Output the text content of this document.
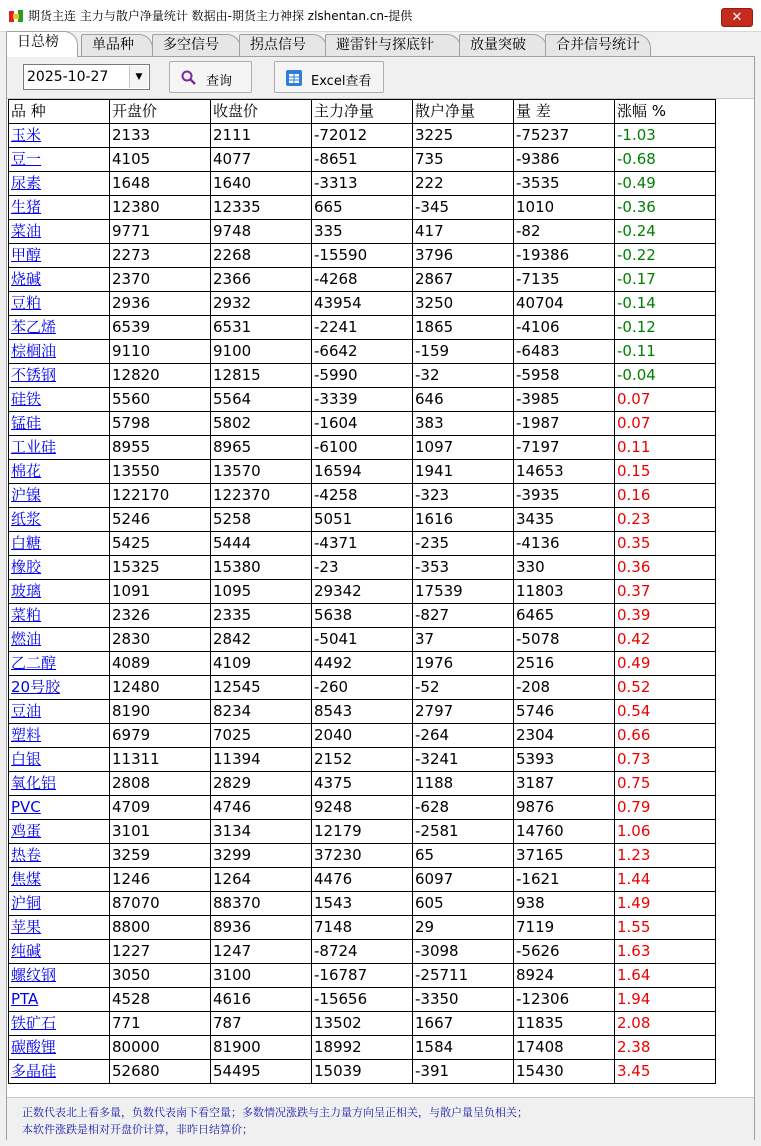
期货主连 主力与散户净量统计 数据由-期货主力神探 zlshentan.cn-提供	✕
日总榜	单品种	多空信号	拐点信号	避雷针与探底针	放量突破	合并信号统计
2025-10-27	▼	查询	Excel查看
品 种	开盘价	收盘价	主力净量	散户净量	量 差	涨幅 %
玉米	2133	2111	-72012	3225	-75237	-1.03
豆一	4105	4077	-8651	735	-9386	-0.68
尿素	1648	1640	-3313	222	-3535	-0.49
生猪	12380	12335	665	-345	1010	-0.36
菜油	9771	9748	335	417	-82	-0.24
甲醇	2273	2268	-15590	3796	-19386	-0.22
烧碱	2370	2366	-4268	2867	-7135	-0.17
豆粕	2936	2932	43954	3250	40704	-0.14
苯乙烯	6539	6531	-2241	1865	-4106	-0.12
棕榈油	9110	9100	-6642	-159	-6483	-0.11
不锈钢	12820	12815	-5990	-32	-5958	-0.04
硅铁	5560	5564	-3339	646	-3985	0.07
锰硅	5798	5802	-1604	383	-1987	0.07
工业硅	8955	8965	-6100	1097	-7197	0.11
棉花	13550	13570	16594	1941	14653	0.15
沪镍	122170	122370	-4258	-323	-3935	0.16
纸浆	5246	5258	5051	1616	3435	0.23
白糖	5425	5444	-4371	-235	-4136	0.35
橡胶	15325	15380	-23	-353	330	0.36
玻璃	1091	1095	29342	17539	11803	0.37
菜粕	2326	2335	5638	-827	6465	0.39
燃油	2830	2842	-5041	37	-5078	0.42
乙二醇	4089	4109	4492	1976	2516	0.49
20号胶	12480	12545	-260	-52	-208	0.52
豆油	8190	8234	8543	2797	5746	0.54
塑料	6979	7025	2040	-264	2304	0.66
白银	11311	11394	2152	-3241	5393	0.73
氧化铝	2808	2829	4375	1188	3187	0.75
PVC	4709	4746	9248	-628	9876	0.79
鸡蛋	3101	3134	12179	-2581	14760	1.06
热卷	3259	3299	37230	65	37165	1.23
焦煤	1246	1264	4476	6097	-1621	1.44
沪铜	87070	88370	1543	605	938	1.49
苹果	8800	8936	7148	29	7119	1.55
纯碱	1227	1247	-8724	-3098	-5626	1.63
螺纹钢	3050	3100	-16787	-25711	8924	1.64
PTA	4528	4616	-15656	-3350	-12306	1.94
铁矿石	771	787	13502	1667	11835	2.08
碳酸锂	80000	81900	18992	1584	17408	2.38
多晶硅	52680	54495	15039	-391	15430	3.45
正数代表北上看多量，负数代表南下看空量；多数情况涨跌与主力量方向呈正相关，与散户量呈负相关；
本软件涨跌是相对开盘价计算，非昨日结算价；
